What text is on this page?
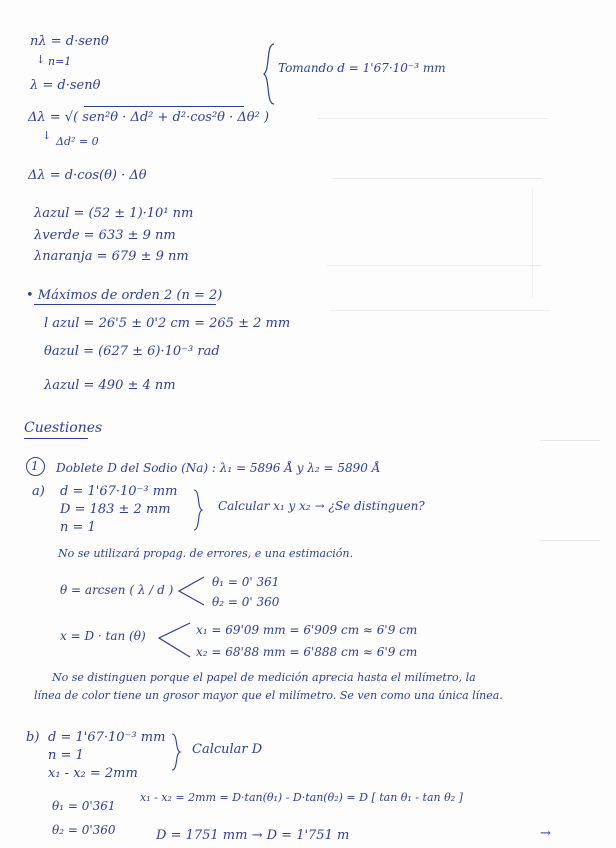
nλ = d·senθ
↓ n=1
λ = d·senθ
Δλ = √( sen²θ · Δd² + d²·cos²θ · Δθ² )
↓ Δd² = 0
Δλ = d·cos(θ) · Δθ
Tomando d = 1'67·10⁻³ mm
λazul = (52 ± 1)·10¹ nm
λverde = 633 ± 9 nm
λnaranja = 679 ± 9 nm
• Máximos de orden 2 (n = 2)
l azul = 26'5 ± 0'2 cm = 265 ± 2 mm
θazul = (627 ± 6)·10⁻³ rad
λazul = 490 ± 4 nm
Cuestiones
1 Doblete D del Sodio (Na) : λ₁ = 5896 Å y λ₂ = 5890 Å
a) d = 1'67·10⁻³ mm
D = 183 ± 2 mm
n = 1
Calcular x₁ y x₂ → ¿Se distinguen?
No se utilizará propag. de errores, e una estimación.
θ = arcsen ( λ / d )
θ₁ = 0' 361
θ₂ = 0' 360
x = D · tan (θ)	x₁ = 69'09 mm = 6'909 cm ≈ 6'9 cm
x₂ = 68'88 mm = 6'888 cm ≈ 6'9 cm
No se distinguen porque el papel de medición aprecia hasta el milímetro, la
línea de color tiene un grosor mayor que el milímetro. Se ven como una única línea.
b) d = 1'67·10⁻³ mm
n = 1
x₁ - x₂ = 2mm
Calcular D
θ₁ = 0'361
θ₂ = 0'360
x₁ - x₂ = 2mm = D·tan(θ₁) - D·tan(θ₂) = D [ tan θ₁ - tan θ₂ ]
D = 1751 mm → D = 1'751 m	→
